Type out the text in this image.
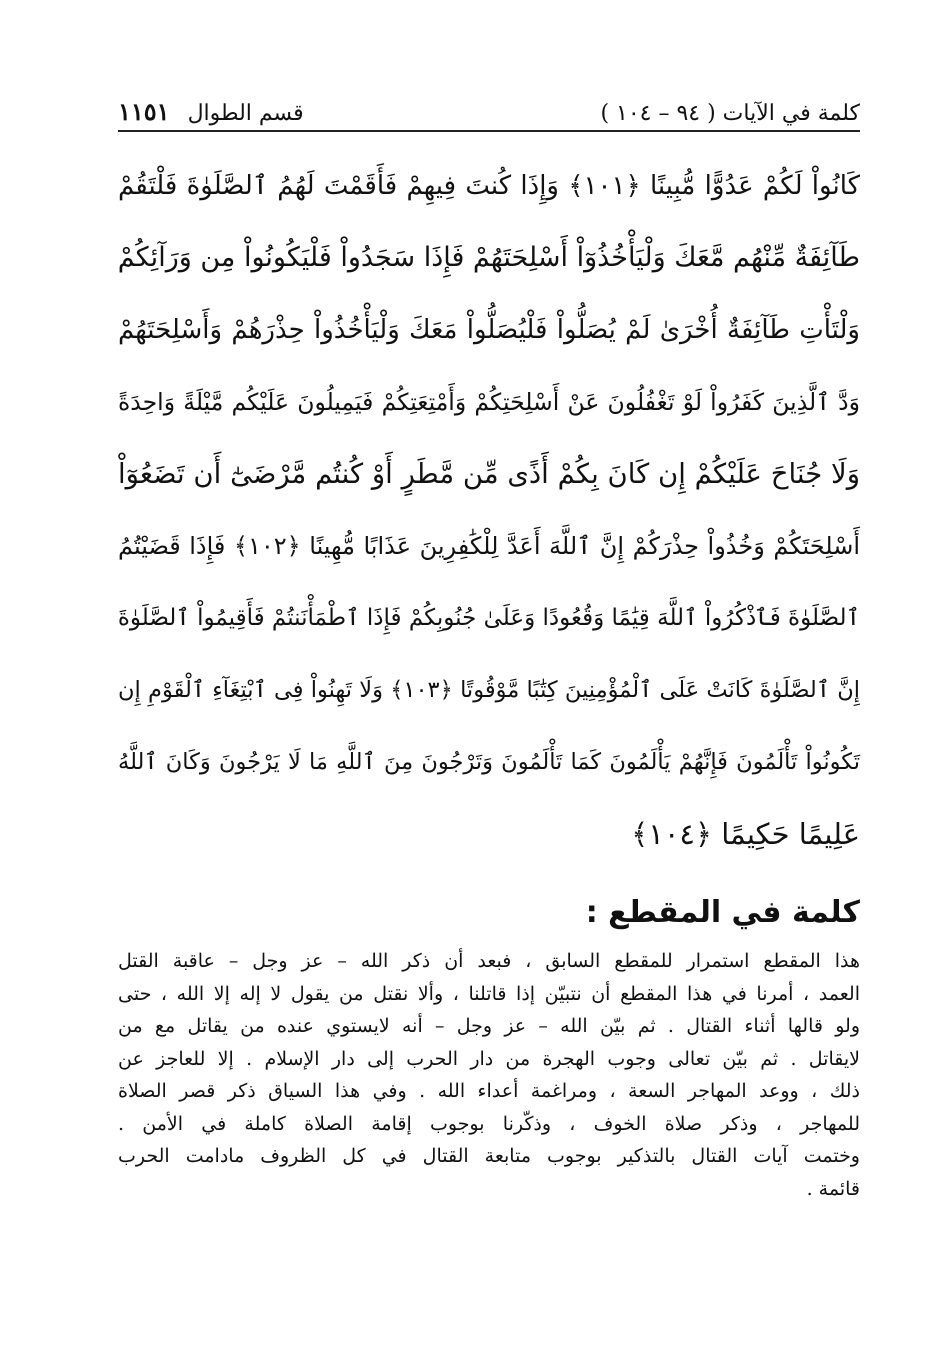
قسم الطوال
١١٥١	كلمة في الآيات ( ٩٤ – ١٠٤ )
كَانُواْ لَكُمْ عَدُوًّا مُّبِينًا ﴿١٠١﴾ وَإِذَا كُنتَ فِيهِمْ فَأَقَمْتَ لَهُمُ ٱلصَّلَوٰةَ فَلْتَقُمْ
طَآئِفَةٌ مِّنْهُم مَّعَكَ وَلْيَأْخُذُوٓاْ أَسْلِحَتَهُمْ فَإِذَا سَجَدُواْ فَلْيَكُونُواْ مِن وَرَآئِكُمْ
وَلْتَأْتِ طَآئِفَةٌ أُخْرَىٰ لَمْ يُصَلُّواْ فَلْيُصَلُّواْ مَعَكَ وَلْيَأْخُذُواْ حِذْرَهُمْ وَأَسْلِحَتَهُمْ
وَدَّ ٱلَّذِينَ كَفَرُواْ لَوْ تَغْفُلُونَ عَنْ أَسْلِحَتِكُمْ وَأَمْتِعَتِكُمْ فَيَمِيلُونَ عَلَيْكُم مَّيْلَةً وَاحِدَةً
وَلَا جُنَاحَ عَلَيْكُمْ إِن كَانَ بِكُمْ أَذًى مِّن مَّطَرٍ أَوْ كُنتُم مَّرْضَىٰٓ أَن تَضَعُوٓاْ
أَسْلِحَتَكُمْ وَخُذُواْ حِذْرَكُمْ إِنَّ ٱللَّهَ أَعَدَّ لِلْكَٰفِرِينَ عَذَابًا مُّهِينًا ﴿١٠٢﴾ فَإِذَا قَضَيْتُمُ
ٱلصَّلَوٰةَ فَٱذْكُرُواْ ٱللَّهَ قِيَٰمًا وَقُعُودًا وَعَلَىٰ جُنُوبِكُمْ فَإِذَا ٱطْمَأْنَنتُمْ فَأَقِيمُواْ ٱلصَّلَوٰةَ
إِنَّ ٱلصَّلَوٰةَ كَانَتْ عَلَى ٱلْمُؤْمِنِينَ كِتَٰبًا مَّوْقُوتًا ﴿١٠٣﴾ وَلَا تَهِنُواْ فِى ٱبْتِغَآءِ ٱلْقَوْمِ إِن
تَكُونُواْ تَأْلَمُونَ فَإِنَّهُمْ يَأْلَمُونَ كَمَا تَأْلَمُونَ وَتَرْجُونَ مِنَ ٱللَّهِ مَا لَا يَرْجُونَ وَكَانَ ٱللَّهُ
عَلِيمًا حَكِيمًا ﴿١٠٤﴾
كلمة في المقطع :
هذا المقطع استمرار للمقطع السابق ، فبعد أن ذكر الله – عز وجل – عاقبة القتل
العمد ، أمرنا في هذا المقطع أن نتبيّن إذا قاتلنا ، وألا نقتل من يقول لا إله إلا الله ، حتى
ولو قالها أثناء القتال . ثم بيّن الله – عز وجل – أنه لايستوي عنده من يقاتل مع من
لايقاتل . ثم بيّن تعالى وجوب الهجرة من دار الحرب إلى دار الإسلام . إلا للعاجز عن
ذلك ، ووعد المهاجر السعة ، ومراغمة أعداء الله . وفي هذا السياق ذكر قصر الصلاة
للمهاجر ، وذكر صلاة الخوف ، وذكّرنا بوجوب إقامة الصلاة كاملة في الأمن .
وختمت آيات القتال بالتذكير بوجوب متابعة القتال في كل الظروف مادامت الحرب
قائمة .
